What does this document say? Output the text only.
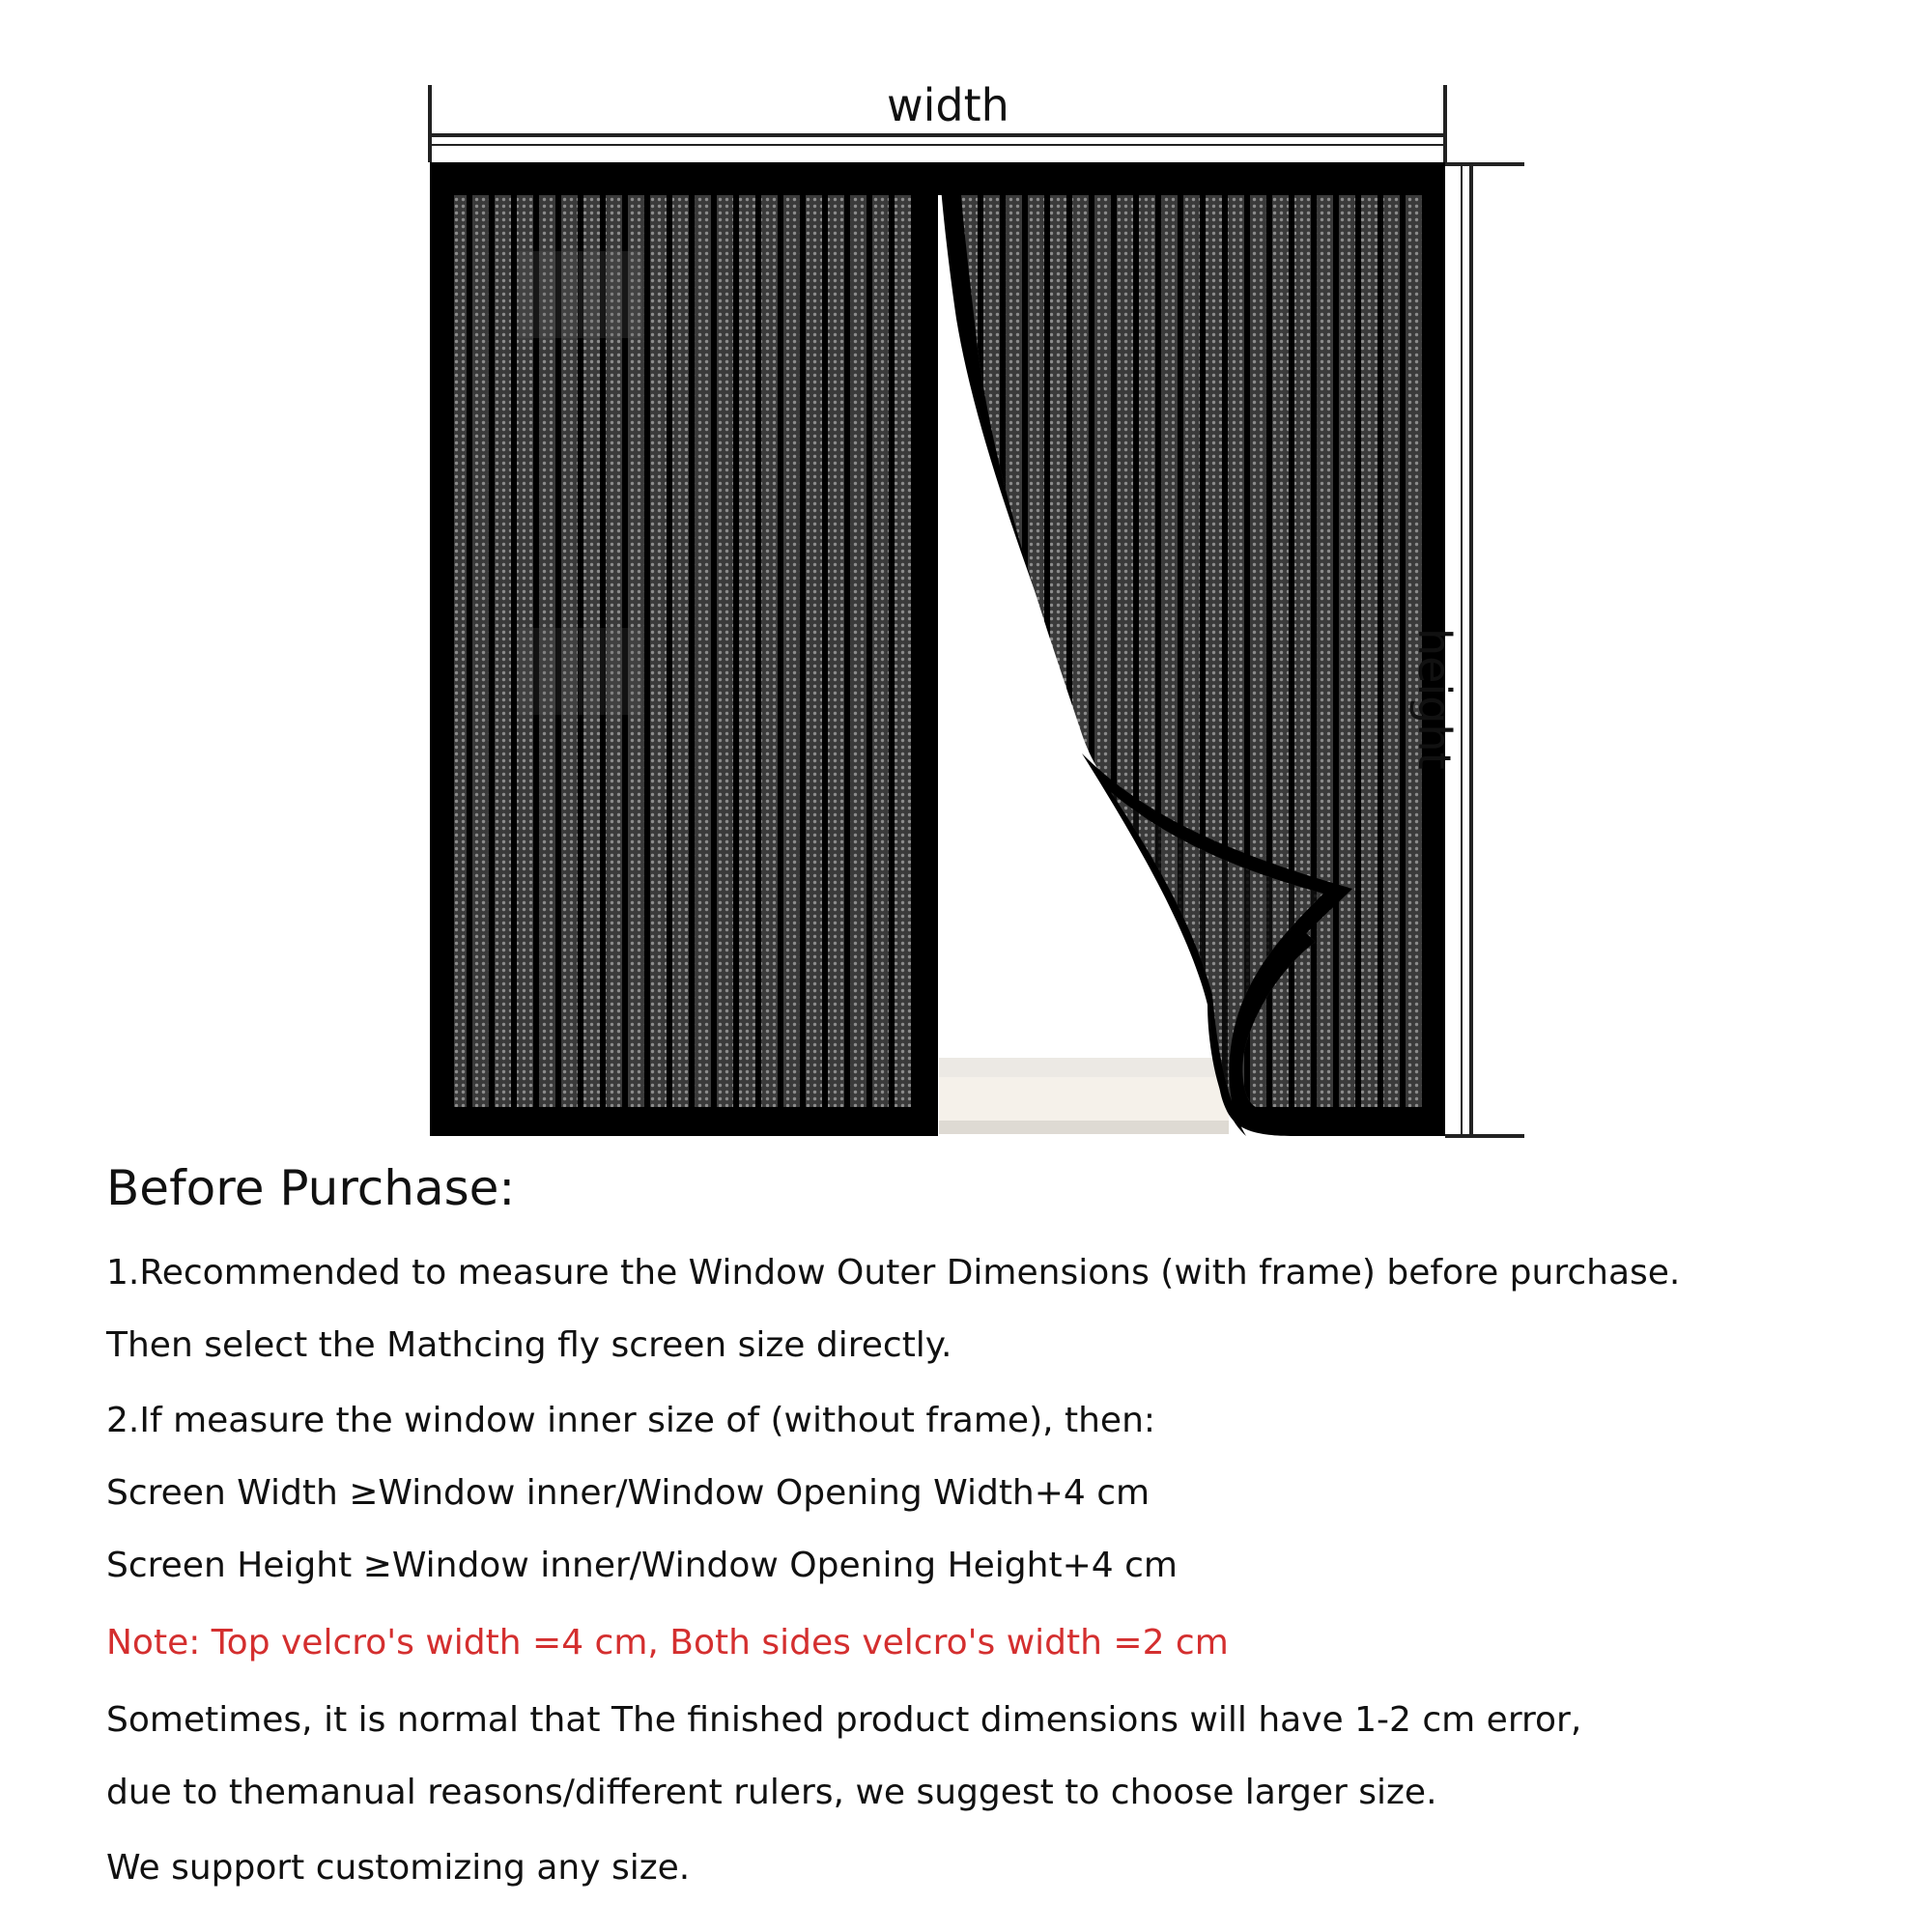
width
height
Before Purchase:
1.Recommended to measure the Window Outer Dimensions (with frame) before purchase.
Then select the Mathcing fly screen size directly.
2.If measure the window inner size of (without frame), then:
Screen Width ≥Window inner/Window Opening Width+4 cm
Screen Height ≥Window inner/Window Opening Height+4 cm
Note: Top velcro's width =4 cm, Both sides velcro's width =2 cm
Sometimes, it is normal that The finished product dimensions will have 1-2 cm error,
due to themanual reasons/different rulers, we suggest to choose larger size.
We support customizing any size.
